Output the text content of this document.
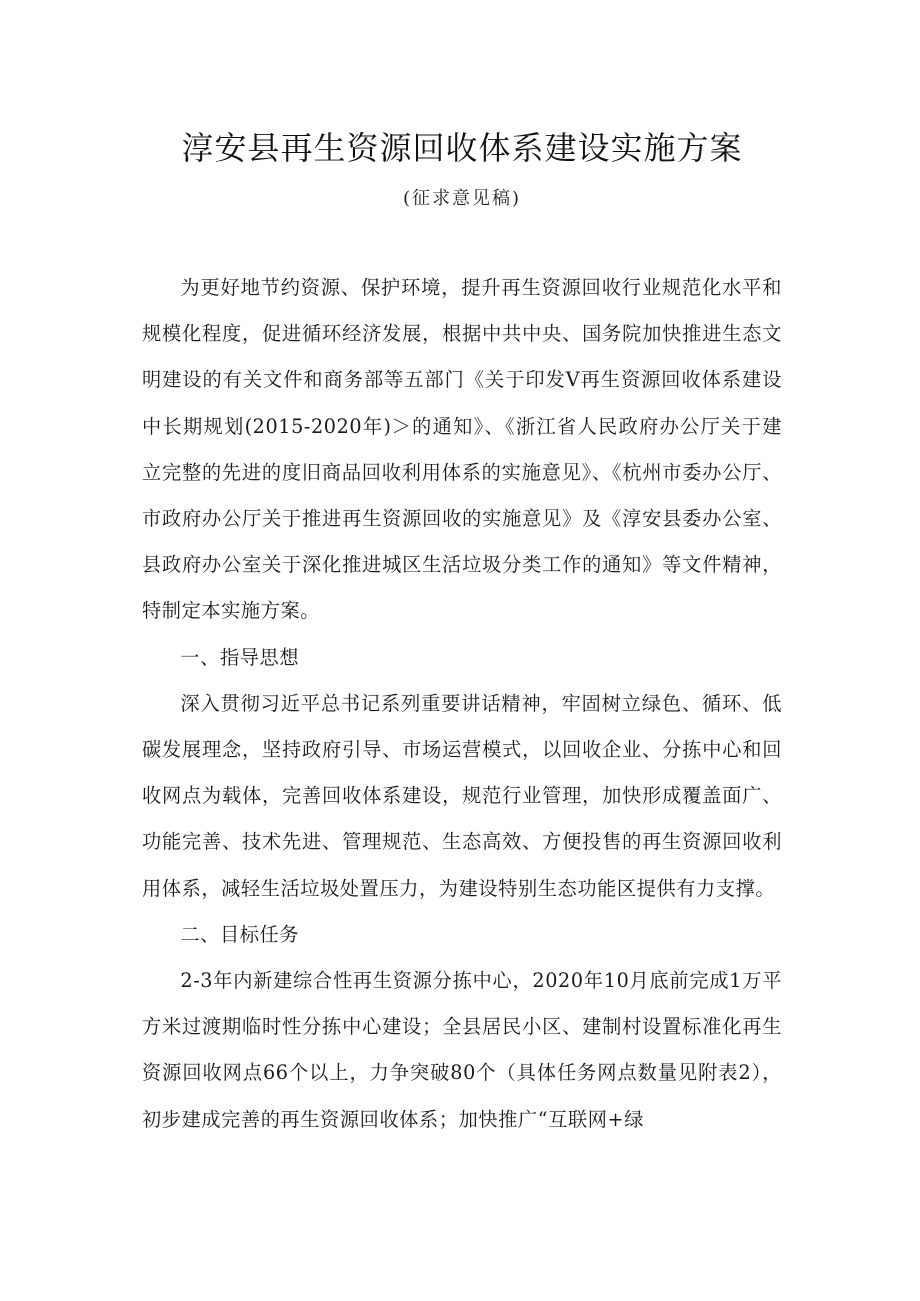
淳安县再生资源回收体系建设实施方案
(征求意见稿)

为更好地节约资源、保护环境，提升再生资源回收行业规范化水平和规模化程度，促进循环经济发展，根据中共中央、国务院加快推进生态文明建设的有关文件和商务部等五部门《关于印发V再生资源回收体系建设中长期规划(2015-2020年)＞的通知》、《浙江省人民政府办公厅关于建立完整的先进的度旧商品回收利用体系的实施意见》、《杭州市委办公厅、市政府办公厅关于推进再生资源回收的实施意见》及《淳安县委办公室、县政府办公室关于深化推进城区生活垃圾分类工作的通知》等文件精神，特制定本实施方案。

一、指导思想

深入贯彻习近平总书记系列重要讲话精神，牢固树立绿色、循环、低碳发展理念，坚持政府引导、市场运营模式，以回收企业、分拣中心和回收网点为载体，完善回收体系建设，规范行业管理，加快形成覆盖面广、功能完善、技术先进、管理规范、生态高效、方便投售的再生资源回收利用体系，减轻生活垃圾处置压力，为建设特别生态功能区提供有力支撑。

二、目标任务

2-3年内新建综合性再生资源分拣中心，2020年10月底前完成1万平方米过渡期临时性分拣中心建设；全县居民小区、建制村设置标准化再生资源回收网点66个以上，力争突破80个（具体任务网点数量见附表2），初步建成完善的再生资源回收体系；加快推广“互联网+绿
